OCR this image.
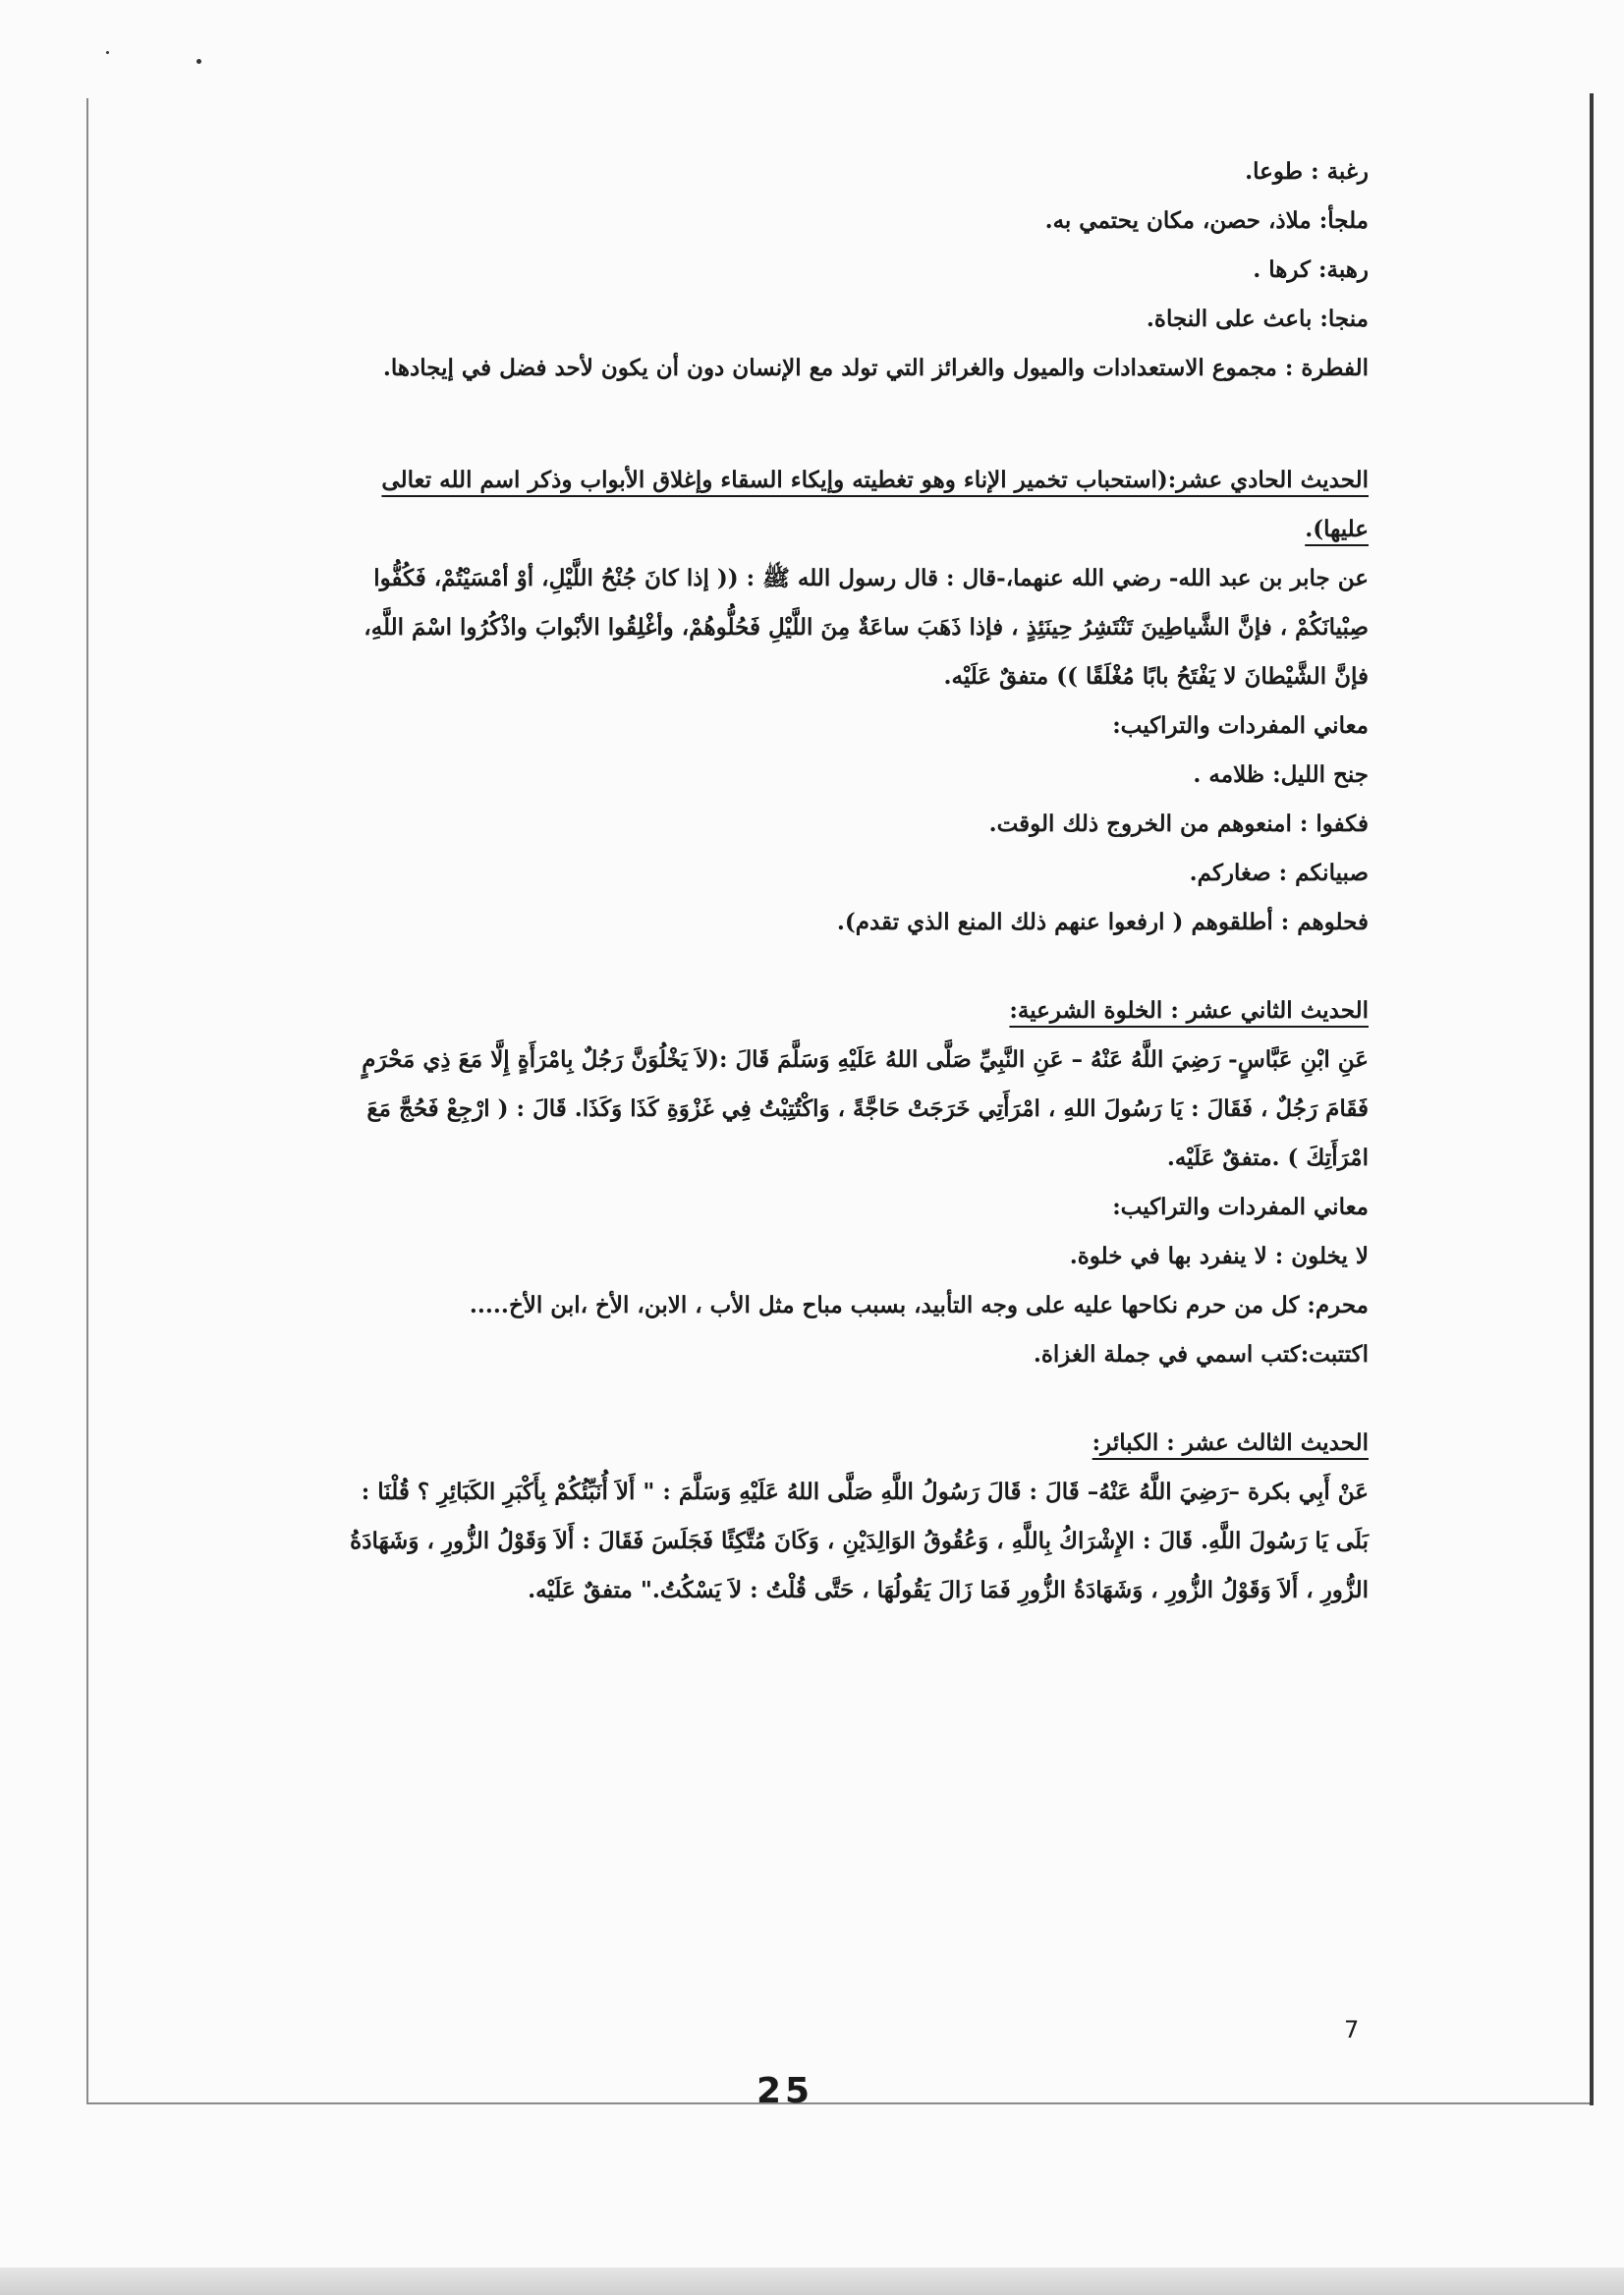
رغبة : طوعا.

ملجأ: ملاذ، حصن، مكان يحتمي به.

رهبة: كرها .

منجا: باعث على النجاة.

الفطرة : مجموع الاستعدادات والميول والغرائز التي تولد مع الإنسان دون أن يكون لأحد فضل في إيجادها.

الحديث الحادي عشر:(استحباب تخمير الإناء وهو تغطيته وإيكاء السقاء وإغلاق الأبواب وذكر اسم الله تعالى

عليها).

عن جابر بن عبد الله- رضي الله عنهما،-قال : قال رسول الله ﷺ : (( إذا كانَ جُنْحُ اللَّيْلِ، أوْ أمْسَيْتُمْ، فَكُفُّوا

صِبْيانَكُمْ ، فإنَّ الشَّياطِينَ تَنْتَشِرُ حِينَئِذٍ ، فإذا ذَهَبَ ساعَةٌ مِنَ اللَّيْلِ فَحُلُّوهُمْ، وأغْلِقُوا الأبْوابَ واذْكُرُوا اسْمَ اللَّهِ،

فإنَّ الشَّيْطانَ لا يَفْتَحُ بابًا مُغْلَقًا )) متفقٌ عَلَيْه.

معاني المفردات والتراكيب:

جنح الليل: ظلامه .

فكفوا : امنعوهم من الخروج ذلك الوقت.

صبيانكم : صغاركم.

فحلوهم : أطلقوهم ( ارفعوا عنهم ذلك المنع الذي تقدم).

الحديث الثاني عشر : الخلوة الشرعية:

عَنِ ابْنِ عَبَّاسٍ- رَضِيَ اللَّهُ عَنْهُ – عَنِ النَّبِيِّ صَلَّى اللهُ عَلَيْهِ وَسَلَّمَ قَالَ :(لاَ يَخْلُوَنَّ رَجُلٌ بِامْرَأَةٍ إِلَّا مَعَ ذِي مَحْرَمٍ

فَقَامَ رَجُلٌ ، فَقَالَ : يَا رَسُولَ اللهِ ، امْرَأَتِي خَرَجَتْ حَاجَّةً ، وَاكْتُتِبْتُ فِي غَزْوَةِ كَذَا وَكَذَا. قَالَ : ( ارْجِعْ فَحُجَّ مَعَ

امْرَأَتِكَ ) .متفقٌ عَلَيْه.

معاني المفردات والتراكيب:

لا يخلون : لا ينفرد بها في خلوة.

محرم: كل من حرم نكاحها عليه على وجه التأبيد، بسبب مباح مثل الأب ، الابن، الأخ ،ابن الأخ.....

اكتتبت:كتب اسمي في جملة الغزاة.

الحديث الثالث عشر : الكبائر:

عَنْ أَبِي بكرة –رَضِيَ اللَّهُ عَنْهُ– قَالَ : قَالَ رَسُولُ اللَّهِ صَلَّى اللهُ عَلَيْهِ وَسَلَّمَ : " أَلاَ أُنَبِّئُكُمْ بِأَكْبَرِ الكَبَائِرِ ؟ قُلْنَا :

بَلَى يَا رَسُولَ اللَّهِ. قَالَ : الإِشْرَاكُ بِاللَّهِ ، وَعُقُوقُ الوَالِدَيْنِ ، وَكَانَ مُتَّكِئًا فَجَلَسَ فَقَالَ : أَلاَ وَقَوْلُ الزُّورِ ، وَشَهَادَةُ

الزُّورِ ، أَلاَ وَقَوْلُ الزُّورِ ، وَشَهَادَةُ الزُّورِ فَمَا زَالَ يَقُولُهَا ، حَتَّى قُلْتُ : لاَ يَسْكُتُ." متفقٌ عَلَيْه.

7
25
